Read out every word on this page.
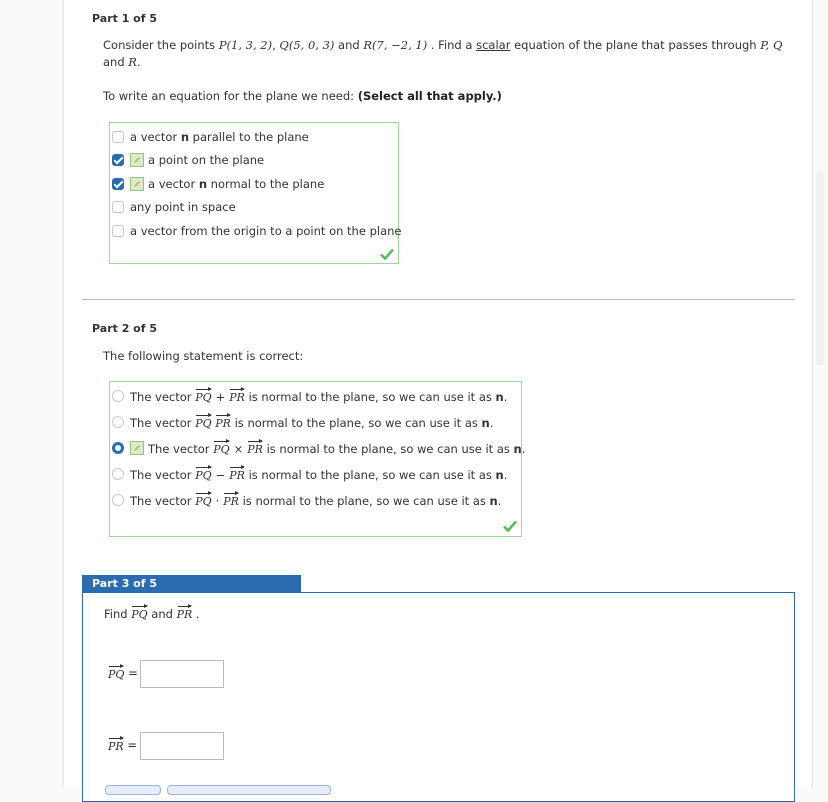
Part 1 of 5
Consider the points P(1, 3, 2), Q(5, 0, 3) and R(7, −2, 1) . Find a scalar equation of the plane that passes through P, Q
and R.
To write an equation for the plane we need: (Select all that apply.)
a vector n parallel to the plane
a point on the plane
a vector n normal to the plane
any point in space
a vector from the origin to a point on the plane
Part 2 of 5
The following statement is correct:
The vector PQ + PR is normal to the plane, so we can use it as n.
The vector PQ PR is normal to the plane, so we can use it as n.
The vector PQ × PR is normal to the plane, so we can use it as n.
The vector PQ − PR is normal to the plane, so we can use it as n.
The vector PQ · PR is normal to the plane, so we can use it as n.
Part 3 of 5
Find PQ and PR .
PQ
=
PR
=
